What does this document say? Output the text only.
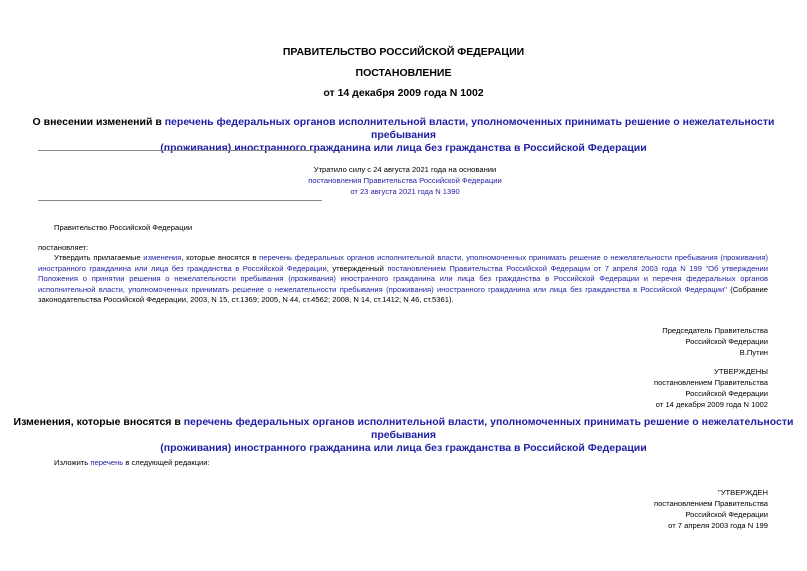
ПРАВИТЕЛЬСТВО РОССИЙСКОЙ ФЕДЕРАЦИИ
ПОСТАНОВЛЕНИЕ
от 14 декабря 2009 года N 1002
О внесении изменений в перечень федеральных органов исполнительной власти, уполномоченных принимать решение о нежелательности пребывания
(проживания) иностранного гражданина или лица без гражданства в Российской Федерации
Утратило силу с 24 августа 2021 года на основании
постановления Правительства Российской Федерации
от 23 августа 2021 года N 1390
Правительство Российской Федерации
постановляет:
Утвердить прилагаемые изменения, которые вносятся в перечень федеральных органов исполнительной власти, уполномоченных принимать решение о нежелательности пребывания (проживания) иностранного гражданина или лица без гражданства в Российской Федерации, утвержденный постановлением Правительства Российской Федерации от 7 апреля 2003 года N 199 "Об утверждении Положения о принятии решения о нежелательности пребывания (проживания) иностранного гражданина или лица без гражданства в Российской Федерации и перечня федеральных органов исполнительной власти, уполномоченных принимать решение о нежелательности пребывания (проживания) иностранного гражданина или лица без гражданства в Российской Федерации" (Собрание законодательства Российской Федерации, 2003, N 15, ст.1369; 2005, N 44, ст.4562; 2008, N 14, ст.1412; N 46, ст.5361).
Председатель Правительства
Российской Федерации
В.Путин
УТВЕРЖДЕНЫ
постановлением Правительства
Российской Федерации
от 14 декабря 2009 года N 1002
Изменения, которые вносятся в перечень федеральных органов исполнительной власти, уполномоченных принимать решение о нежелательности пребывания
(проживания) иностранного гражданина или лица без гражданства в Российской Федерации
Изложить перечень в следующей редакции:
"УТВЕРЖДЕН
постановлением Правительства
Российской Федерации
от 7 апреля 2003 года N 199
